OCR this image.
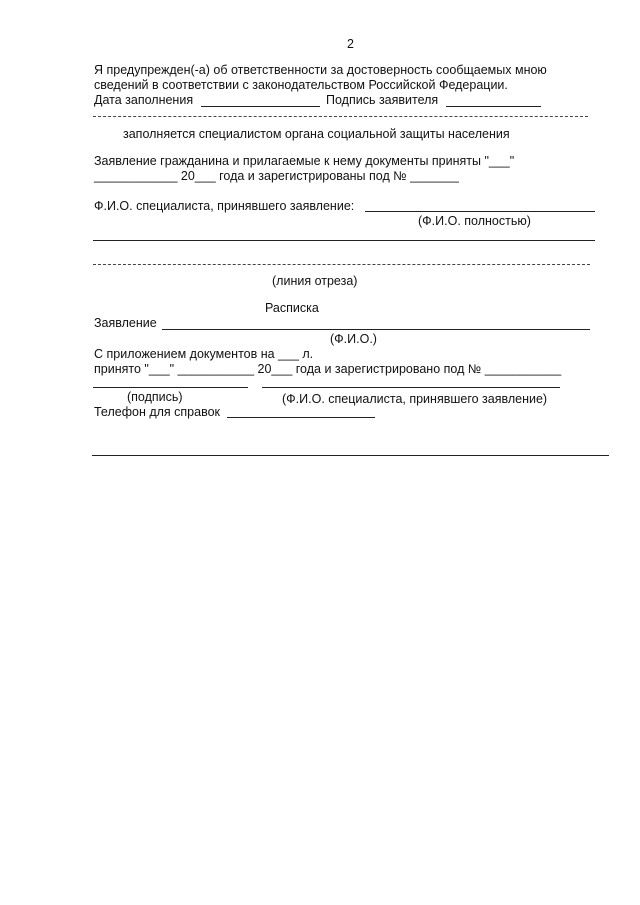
2
Я предупрежден(-а) об ответственности за достоверность сообщаемых мною
сведений в соответствии с законодательством Российской Федерации.
Дата заполнения	Подпись заявителя
заполняется специалистом органа социальной защиты населения
Заявление гражданина и прилагаемые к нему документы приняты "___"
____________ 20___ года и зарегистрированы под № _______
Ф.И.О. специалиста, принявшего заявление:
(Ф.И.О. полностью)
(линия отреза)
Расписка
Заявление
(Ф.И.О.)
С приложением документов на ___ л.
принято "___" ___________ 20___ года и зарегистрировано под № ___________
(подпись)	(Ф.И.О. специалиста, принявшего заявление)
Телефон для справок
